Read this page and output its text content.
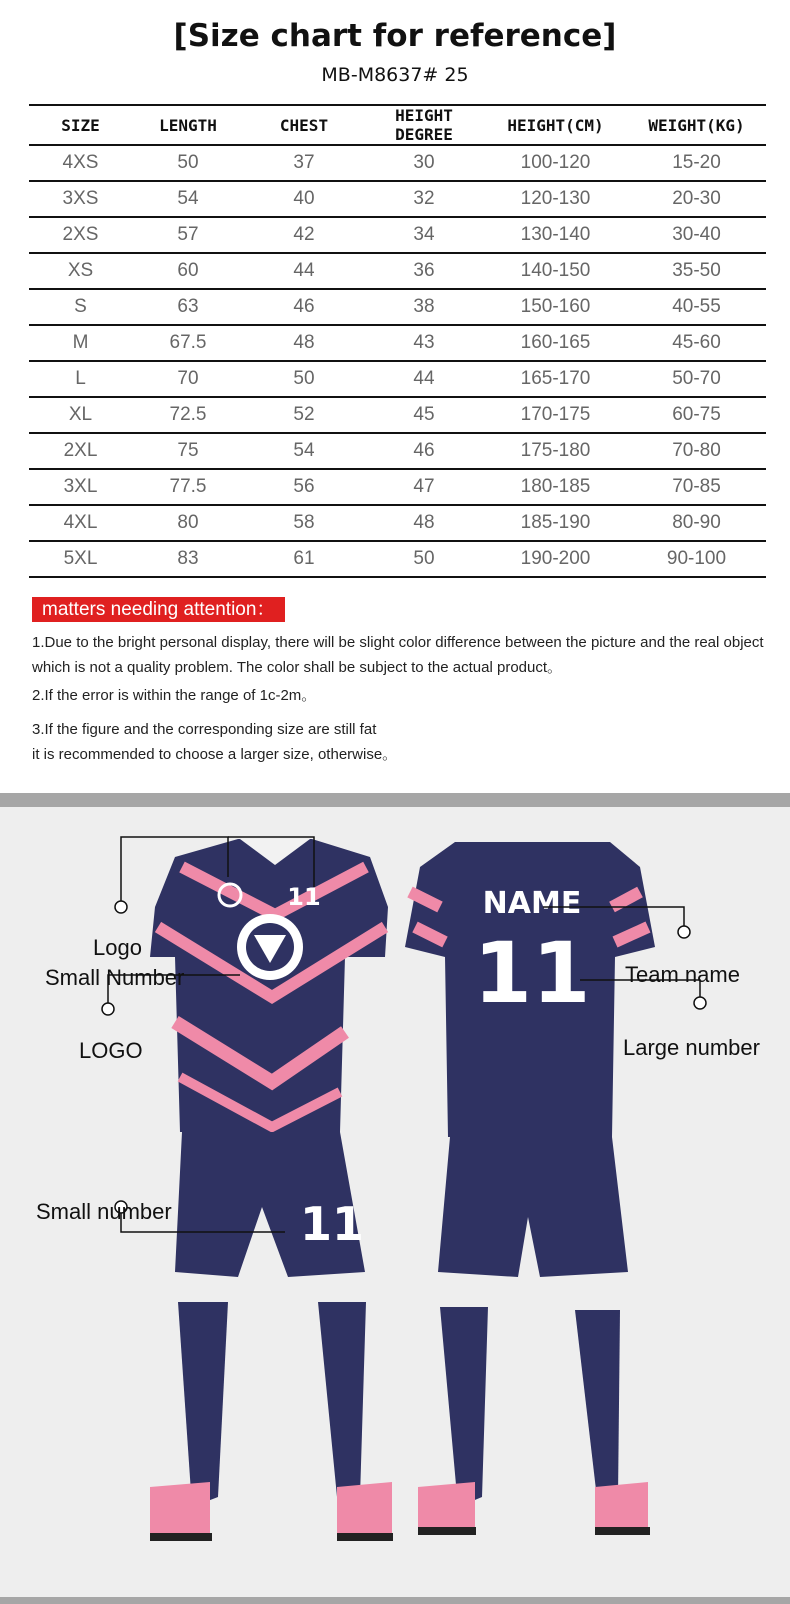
[Size chart for reference]
MB-M8637# 25
SIZE	LENGTH	CHEST	HEIGHT DEGREE	HEIGHT(CM)	WEIGHT(KG)
4XS	50	37	30	100-120	15-20
3XS	54	40	32	120-130	20-30
2XS	57	42	34	130-140	30-40
XS	60	44	36	140-150	35-50
S	63	46	38	150-160	40-55
M	67.5	48	43	160-165	45-60
L	70	50	44	165-170	50-70
XL	72.5	52	45	170-175	60-75
2XL	75	54	46	175-180	70-80
3XL	77.5	56	47	180-185	70-85
4XL	80	58	48	185-190	80-90
5XL	83	61	50	190-200	90-100
matters needing attention：
1.Due to the bright personal display, there will be slight color difference between the picture and the real object
which is not a quality problem. The color shall be subject to the actual product。
2.If the error is within the range of 1c-2m。
3.If the figure and the corresponding size are still fat
it is recommended to choose a larger size, otherwise。
11
11
NAME
11
Logo
Small Number
LOGO
Small number
Team name
Large number
